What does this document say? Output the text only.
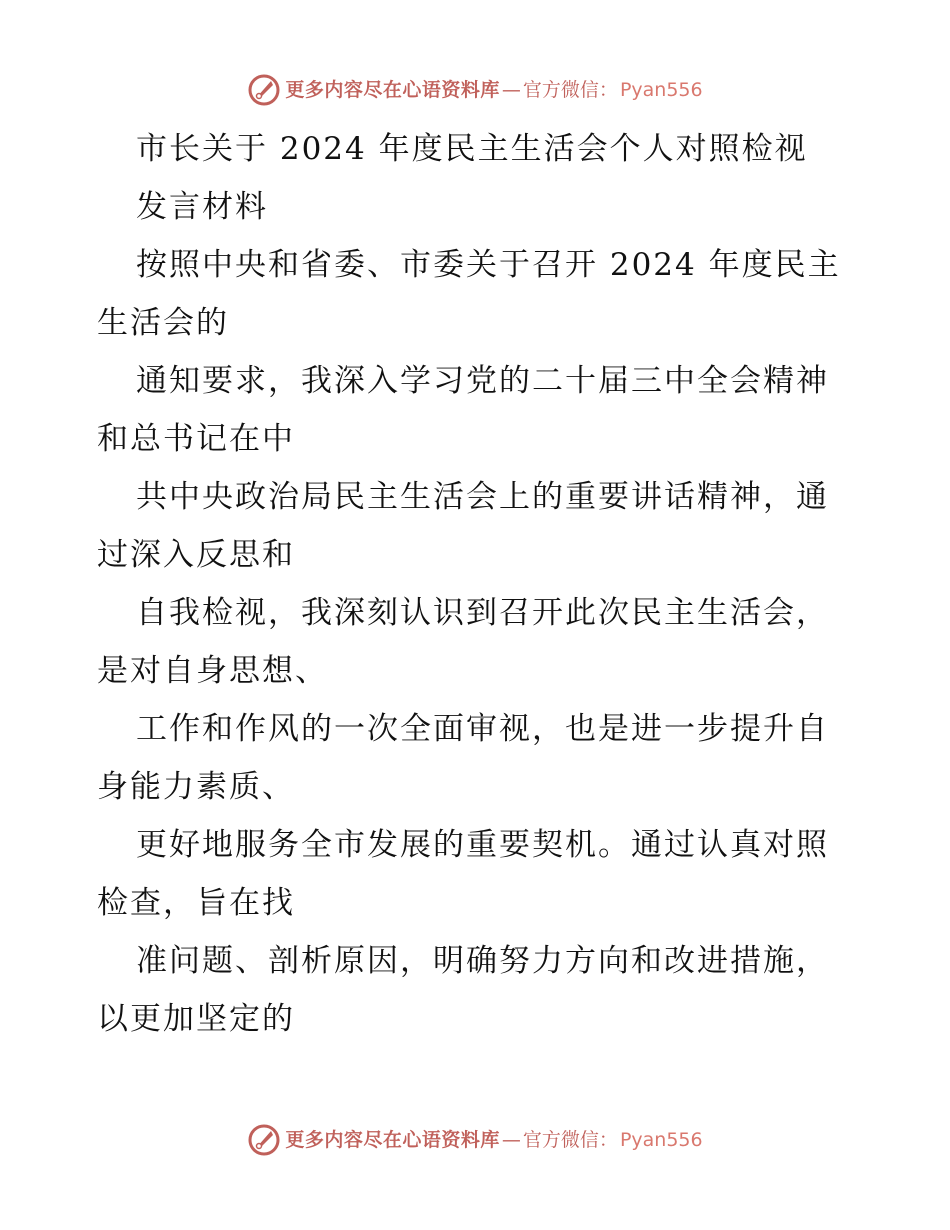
更多内容尽在心语资料库 — 官方微信： Pyan556
市长关于 2024 年度民主生活会个人对照检视
发言材料
按照中央和省委、市委关于召开 2024 年度民主
生活会的
通知要求，我深入学习党的二十届三中全会精神
和总书记在中
共中央政治局民主生活会上的重要讲话精神，通
过深入反思和
自我检视，我深刻认识到召开此次民主生活会，
是对自身思想、
工作和作风的一次全面审视，也是进一步提升自
身能力素质、
更好地服务全市发展的重要契机。通过认真对照
检查，旨在找
准问题、剖析原因，明确努力方向和改进措施，
以更加坚定的
更多内容尽在心语资料库 — 官方微信： Pyan556
